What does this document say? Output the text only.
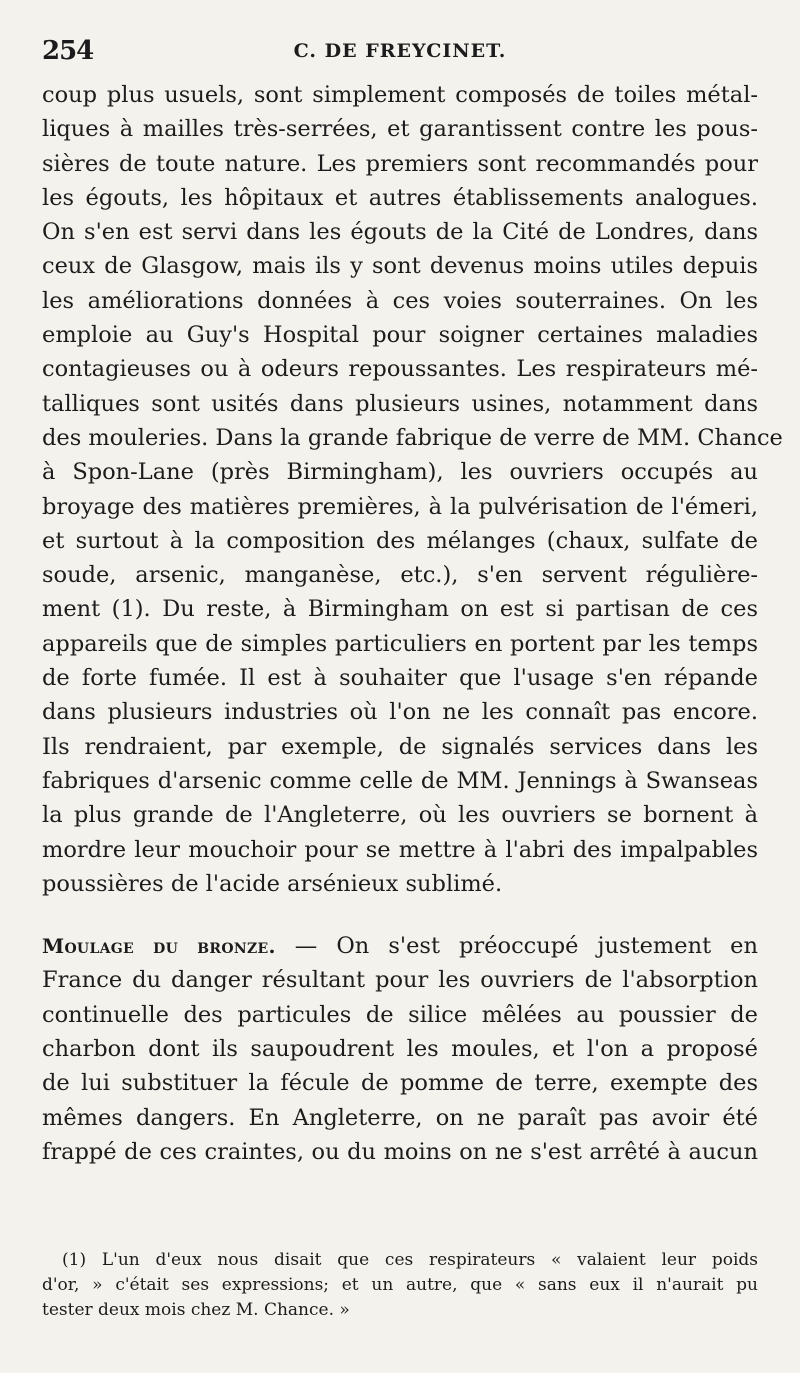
254	C. DE FREYCINET.
coup plus usuels, sont simplement composés de toiles métal-
liques à mailles très-serrées, et garantissent contre les pous-
sières de toute nature. Les premiers sont recommandés pour
les égouts, les hôpitaux et autres établissements analogues.
On s'en est servi dans les égouts de la Cité de Londres, dans
ceux de Glasgow, mais ils y sont devenus moins utiles depuis
les améliorations données à ces voies souterraines. On les
emploie au Guy's Hospital pour soigner certaines maladies
contagieuses ou à odeurs repoussantes. Les respirateurs mé-
talliques sont usités dans plusieurs usines, notamment dans
des mouleries. Dans la grande fabrique de verre de MM. Chance
à Spon-Lane (près Birmingham), les ouvriers occupés au
broyage des matières premières, à la pulvérisation de l'émeri,
et surtout à la composition des mélanges (chaux, sulfate de
soude, arsenic, manganèse, etc.), s'en servent régulière-
ment (1). Du reste, à Birmingham on est si partisan de ces
appareils que de simples particuliers en portent par les temps
de forte fumée. Il est à souhaiter que l'usage s'en répande
dans plusieurs industries où l'on ne les connaît pas encore.
Ils rendraient, par exemple, de signalés services dans les
fabriques d'arsenic comme celle de MM. Jennings à Swanseas
la plus grande de l'Angleterre, où les ouvriers se bornent à
mordre leur mouchoir pour se mettre à l'abri des impalpables
poussières de l'acide arsénieux sublimé.
Moulage du bronze. — On s'est préoccupé justement en
France du danger résultant pour les ouvriers de l'absorption
continuelle des particules de silice mêlées au poussier de
charbon dont ils saupoudrent les moules, et l'on a proposé
de lui substituer la fécule de pomme de terre, exempte des
mêmes dangers. En Angleterre, on ne paraît pas avoir été
frappé de ces craintes, ou du moins on ne s'est arrêté à aucun
(1) L'un d'eux nous disait que ces respirateurs « valaient leur poids
d'or, » c'était ses expressions; et un autre, que « sans eux il n'aurait pu
tester deux mois chez M. Chance. »
